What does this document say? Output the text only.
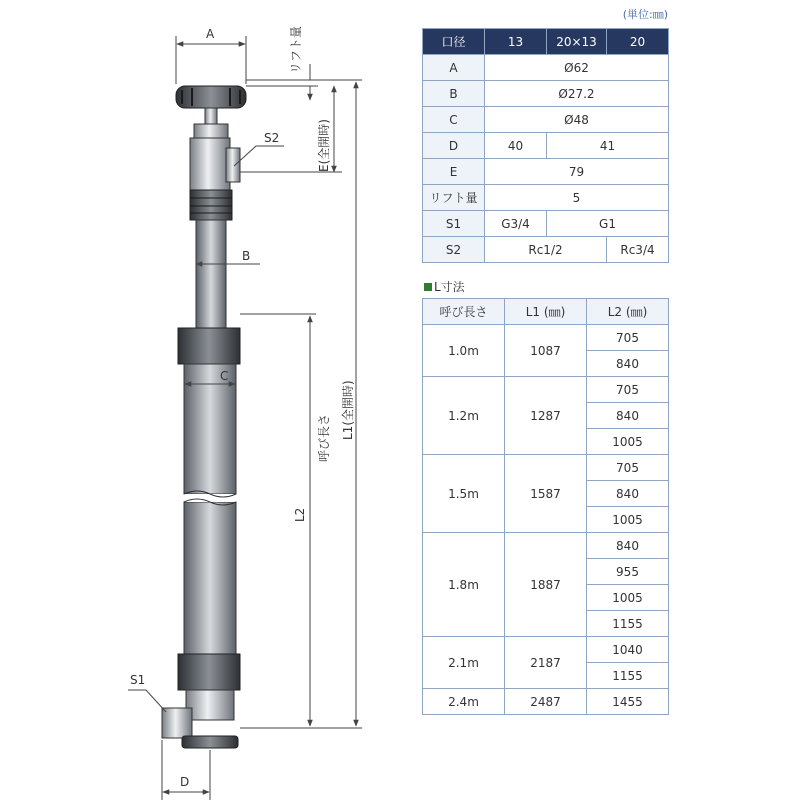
A	リフト量
E(全開時)
S2
B
C
呼び長さ L1(全開時)
L2
S1
D
(単位:㎜)
口径	13	20×13	20
A	Ø62		
B	Ø27.2		
C	Ø48		
D	40	41	
E	79		
リフト量	5		
S1	G3/4	G1	
S2	Rc1/2		Rc3/4
L寸法
呼び長さ	L1 (㎜)	L2 (㎜)
1.0m	1087	705
		840
1.2m	1287	705
		840
		1005
1.5m	1587	705
		840
		1005
1.8m	1887	840
		955
		1005
		1155
2.1m	2187	1040
		1155
2.4m	2487	1455
